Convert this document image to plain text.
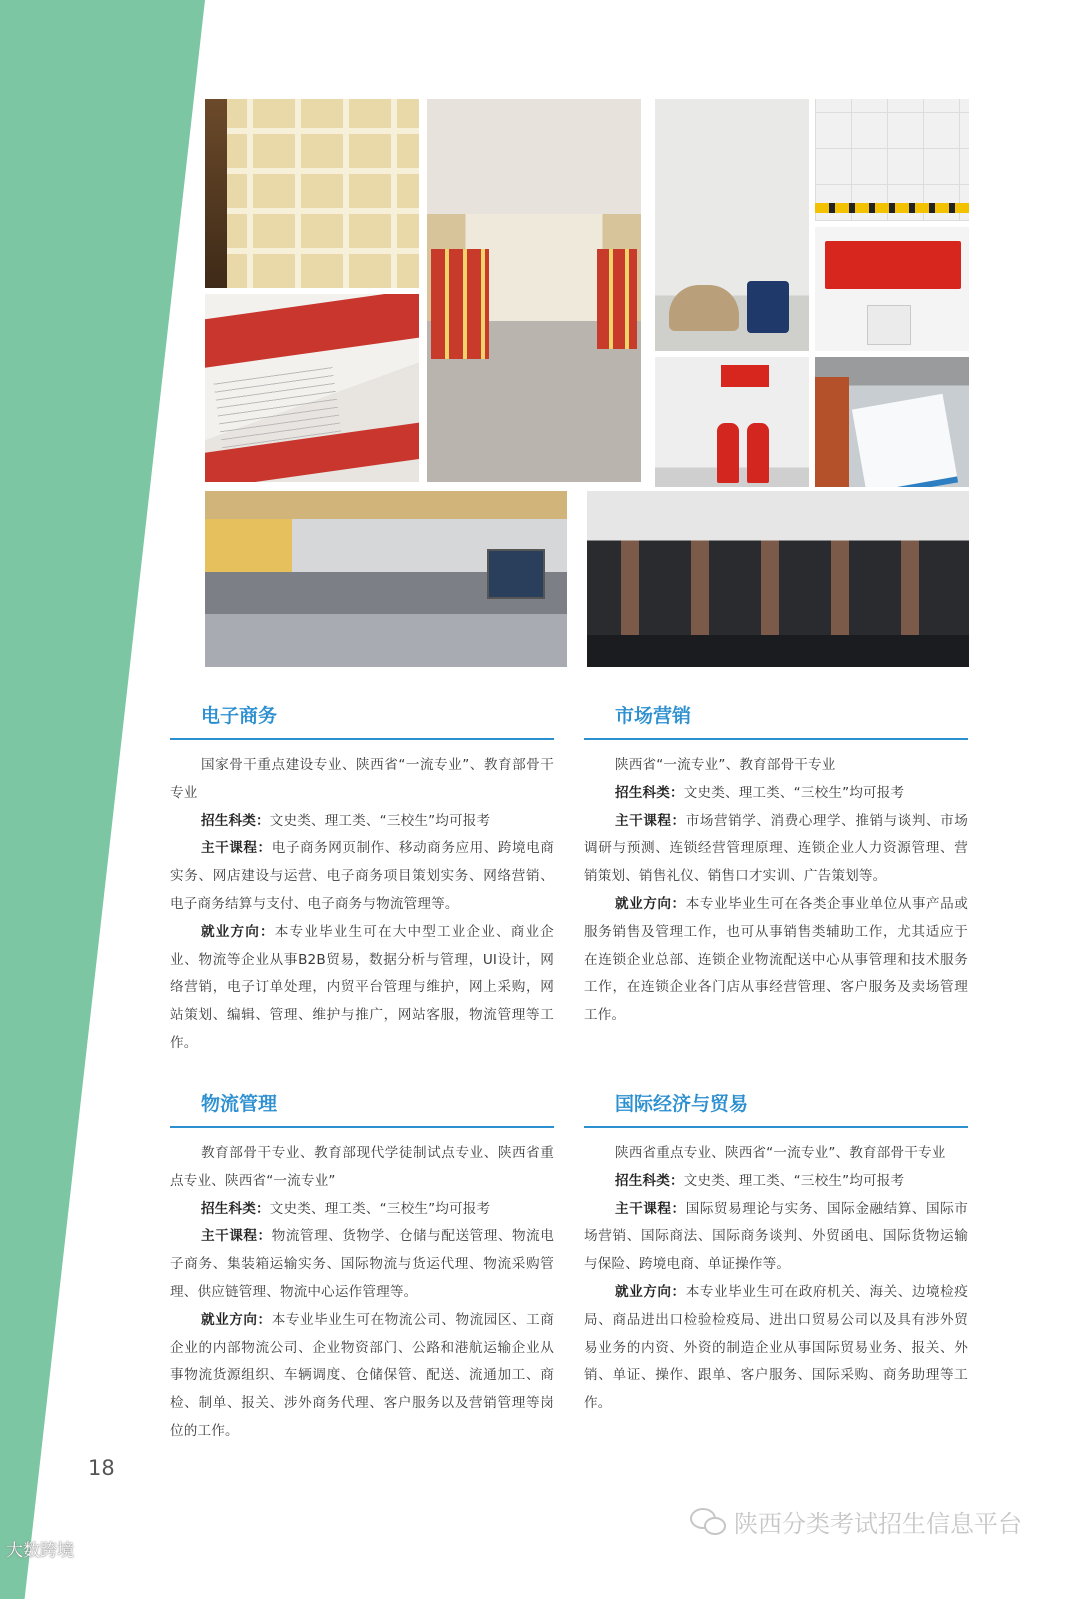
电子商务

国家骨干重点建设专业、陕西省“一流专业”、教育部骨干专业

招生科类：文史类、理工类、“三校生”均可报考

主干课程：电子商务网页制作、移动商务应用、跨境电商实务、网店建设与运营、电子商务项目策划实务、网络营销、电子商务结算与支付、电子商务与物流管理等。

就业方向：本专业毕业生可在大中型工业企业、商业企业、物流等企业从事B2B贸易，数据分析与管理，UI设计，网络营销，电子订单处理，内贸平台管理与维护，网上采购，网站策划、编辑、管理、维护与推广，网站客服，物流管理等工作。

市场营销

陕西省“一流专业”、教育部骨干专业

招生科类：文史类、理工类、“三校生”均可报考

主干课程：市场营销学、消费心理学、推销与谈判、市场调研与预测、连锁经营管理原理、连锁企业人力资源管理、营销策划、销售礼仪、销售口才实训、广告策划等。

就业方向：本专业毕业生可在各类企事业单位从事产品或服务销售及管理工作，也可从事销售类辅助工作，尤其适应于在连锁企业总部、连锁企业物流配送中心从事管理和技术服务工作，在连锁企业各门店从事经营管理、客户服务及卖场管理工作。

物流管理

教育部骨干专业、教育部现代学徒制试点专业、陕西省重点专业、陕西省“一流专业”

招生科类：文史类、理工类、“三校生”均可报考

主干课程：物流管理、货物学、仓储与配送管理、物流电子商务、集装箱运输实务、国际物流与货运代理、物流采购管理、供应链管理、物流中心运作管理等。

就业方向：本专业毕业生可在物流公司、物流园区、工商企业的内部物流公司、企业物资部门、公路和港航运输企业从事物流货源组织、车辆调度、仓储保管、配送、流通加工、商检、制单、报关、涉外商务代理、客户服务以及营销管理等岗位的工作。

国际经济与贸易

陕西省重点专业、陕西省“一流专业”、教育部骨干专业

招生科类：文史类、理工类、“三校生”均可报考

主干课程：国际贸易理论与实务、国际金融结算、国际市场营销、国际商法、国际商务谈判、外贸函电、国际货物运输与保险、跨境电商、单证操作等。

就业方向：本专业毕业生可在政府机关、海关、边境检疫局、商品进出口检验检疫局、进出口贸易公司以及具有涉外贸易业务的内资、外资的制造企业从事国际贸易业务、报关、外销、单证、操作、跟单、客户服务、国际采购、商务助理等工作。

18
大数跨境
陕西分类考试招生信息平台
